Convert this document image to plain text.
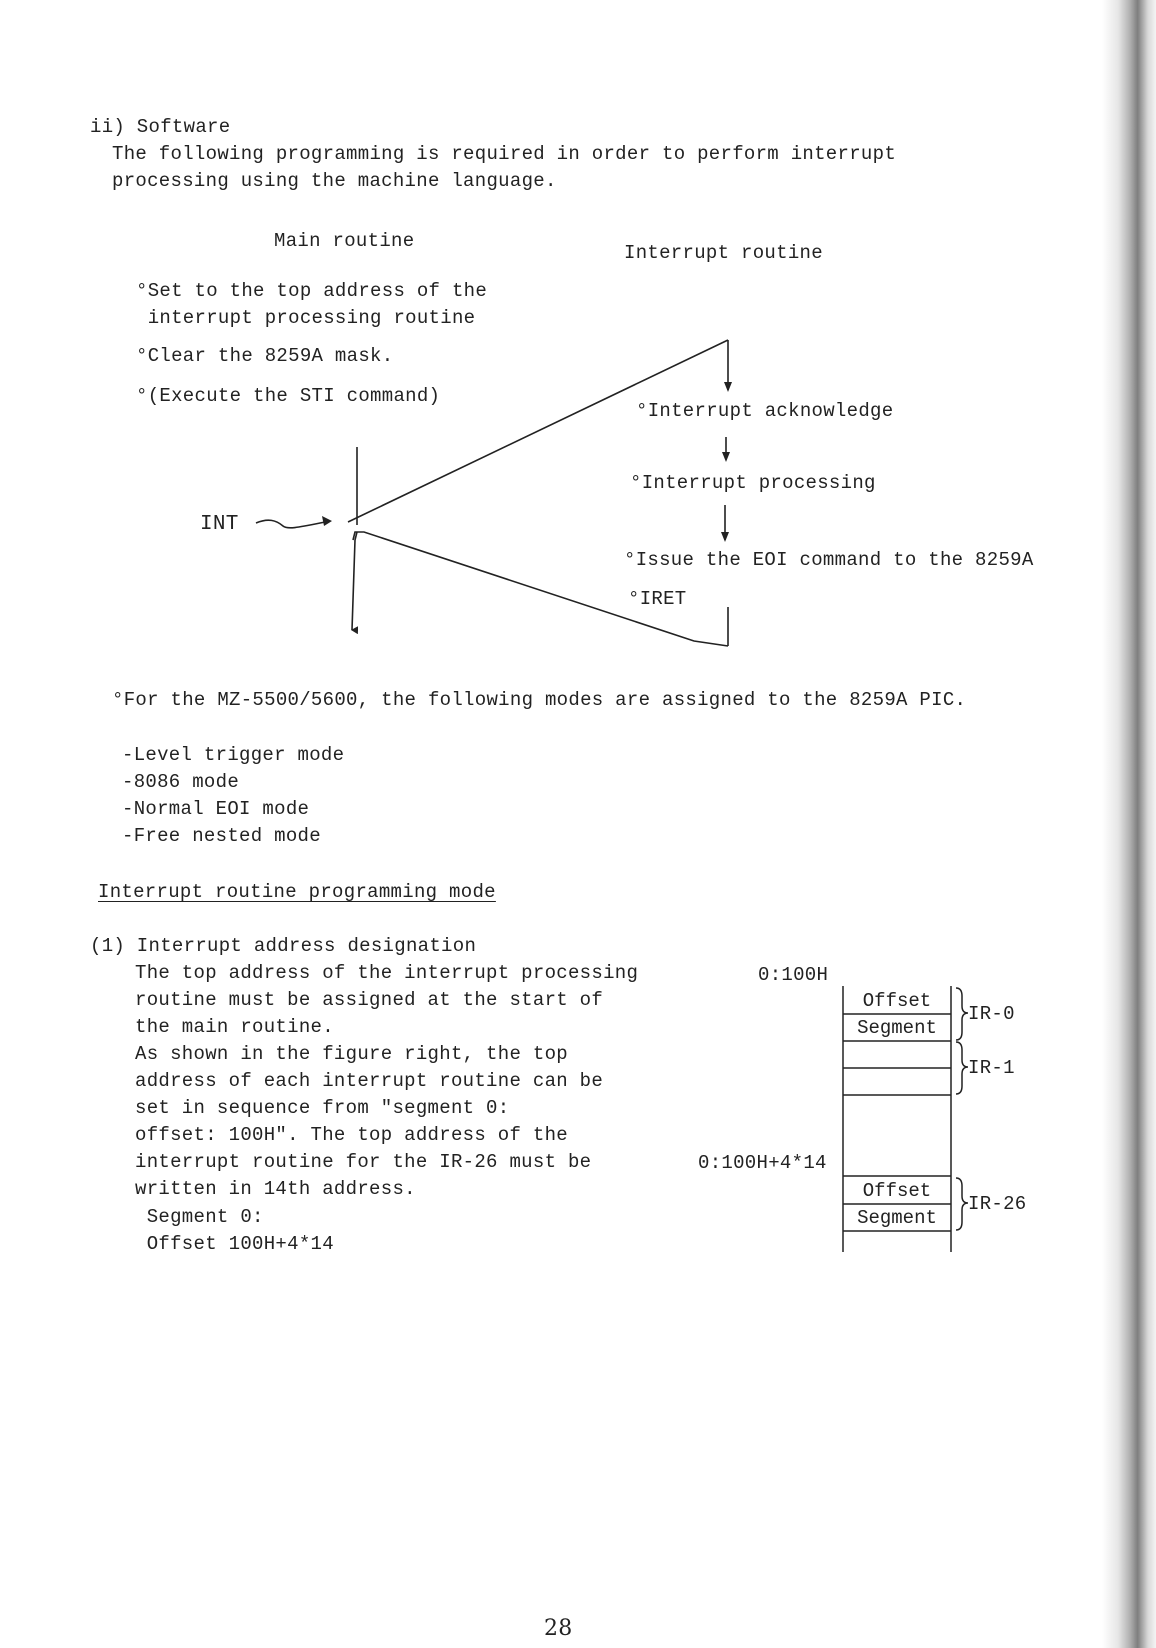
ii) Software
The following programming is required in order to perform interrupt
processing using the machine language.
Main routine
Interrupt routine
°Set to the top address of the
interrupt processing routine
°Clear the 8259A mask.
°(Execute the STI command)
INT
°Interrupt acknowledge
°Interrupt processing
°Issue the EOI command to the 8259A
°IRET
°For the MZ-5500/5600, the following modes are assigned to the 8259A PIC.
-Level trigger mode
-8086 mode
-Normal EOI mode
-Free nested mode
Interrupt routine programming mode
(1) Interrupt address designation
The top address of the interrupt processing
routine must be assigned at the start of
the main routine.
As shown in the figure right, the top
address of each interrupt routine can be
set in sequence from "segment 0:
offset: 100H". The top address of the
interrupt routine for the IR-26 must be
written in 14th address.
Segment 0:
Offset 100H+4*14
0:100H
0:100H+4*14
Offset
Segment
Offset
Segment
IR-0
IR-1
IR-26
28
